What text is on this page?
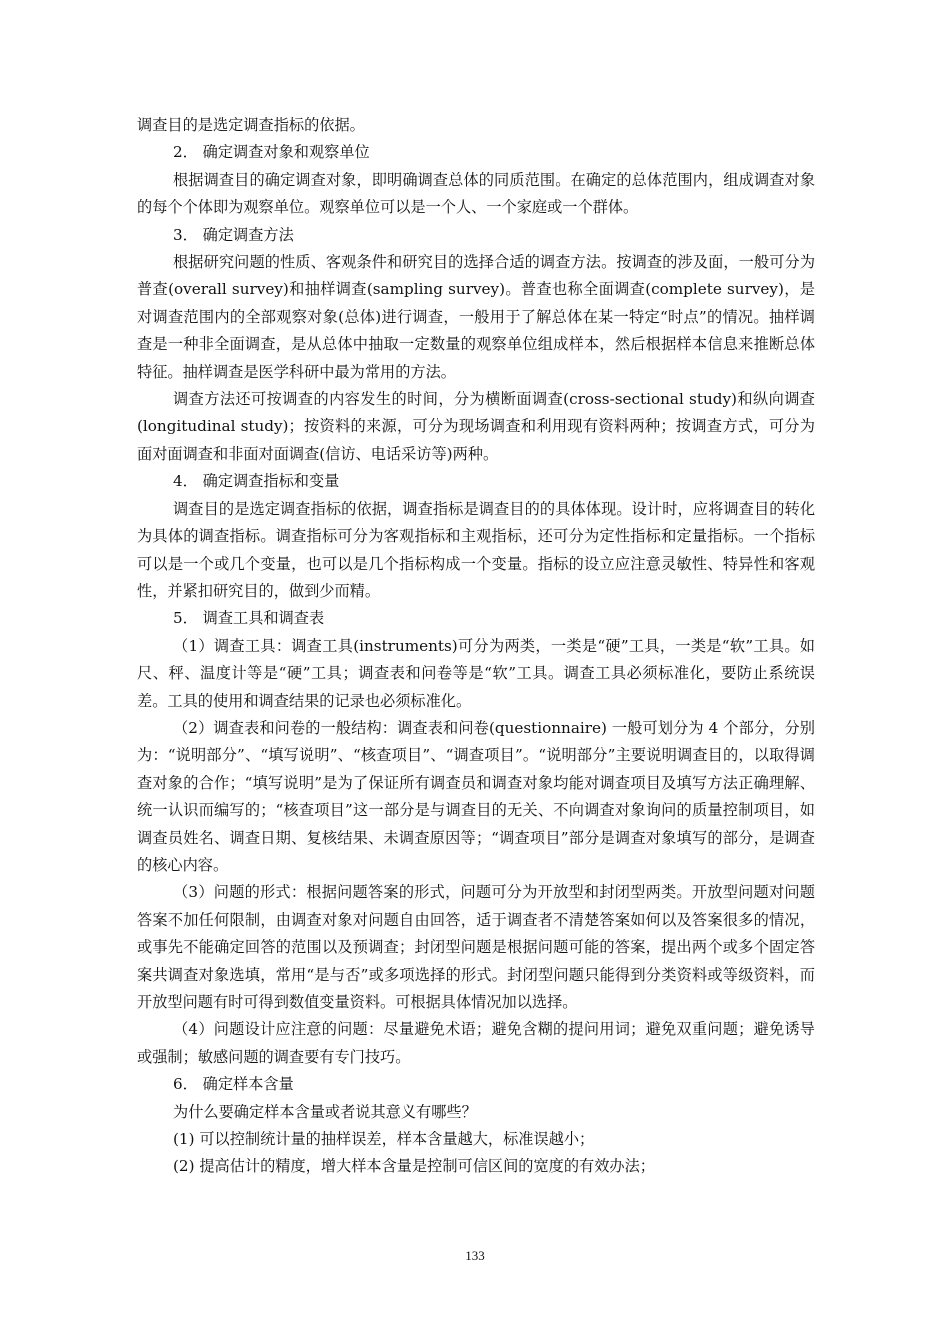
调查目的是选定调查指标的依据。

2． 确定调查对象和观察单位

根据调查目的确定调查对象，即明确调查总体的同质范围。在确定的总体范围内，组成调查对象的每个个体即为观察单位。观察单位可以是一个人、一个家庭或一个群体。

3． 确定调查方法

根据研究问题的性质、客观条件和研究目的选择合适的调查方法。按调查的涉及面，一般可分为普查(overall survey)和抽样调查(sampling survey)。普查也称全面调查(complete survey)，是对调查范围内的全部观察对象(总体)进行调查，一般用于了解总体在某一特定“时点”的情况。抽样调查是一种非全面调查，是从总体中抽取一定数量的观察单位组成样本，然后根据样本信息来推断总体特征。抽样调查是医学科研中最为常用的方法。

调查方法还可按调查的内容发生的时间，分为横断面调查(cross-sectional study)和纵向调查(longitudinal study)；按资料的来源，可分为现场调查和利用现有资料两种；按调查方式，可分为面对面调查和非面对面调查(信访、电话采访等)两种。

4． 确定调查指标和变量

调查目的是选定调查指标的依据，调查指标是调查目的的具体体现。设计时，应将调查目的转化为具体的调查指标。调查指标可分为客观指标和主观指标，还可分为定性指标和定量指标。一个指标可以是一个或几个变量，也可以是几个指标构成一个变量。指标的设立应注意灵敏性、特异性和客观性，并紧扣研究目的，做到少而精。

5． 调查工具和调查表

（1）调查工具：调查工具(instruments)可分为两类，一类是“硬”工具，一类是“软”工具。如尺、秤、温度计等是“硬”工具；调查表和问卷等是“软”工具。调查工具必须标准化，要防止系统误差。工具的使用和调查结果的记录也必须标准化。

（2）调查表和问卷的一般结构：调查表和问卷(questionnaire) 一般可划分为 4 个部分，分别为：“说明部分”、“填写说明”、“核查项目”、“调查项目”。“说明部分”主要说明调查目的，以取得调查对象的合作；“填写说明”是为了保证所有调查员和调查对象均能对调查项目及填写方法正确理解、统一认识而编写的；“核查项目”这一部分是与调查目的无关、不向调查对象询问的质量控制项目，如调查员姓名、调查日期、复核结果、未调查原因等；“调查项目”部分是调查对象填写的部分，是调查的核心内容。

（3）问题的形式：根据问题答案的形式，问题可分为开放型和封闭型两类。开放型问题对问题答案不加任何限制，由调查对象对问题自由回答，适于调查者不清楚答案如何以及答案很多的情况，或事先不能确定回答的范围以及预调查；封闭型问题是根据问题可能的答案，提出两个或多个固定答案共调查对象选填，常用“是与否”或多项选择的形式。封闭型问题只能得到分类资料或等级资料，而开放型问题有时可得到数值变量资料。可根据具体情况加以选择。

（4）问题设计应注意的问题：尽量避免术语；避免含糊的提问用词；避免双重问题；避免诱导或强制；敏感问题的调查要有专门技巧。

6． 确定样本含量

为什么要确定样本含量或者说其意义有哪些？

(1) 可以控制统计量的抽样误差，样本含量越大，标准误越小；

(2) 提高估计的精度，增大样本含量是控制可信区间的宽度的有效办法；

133
